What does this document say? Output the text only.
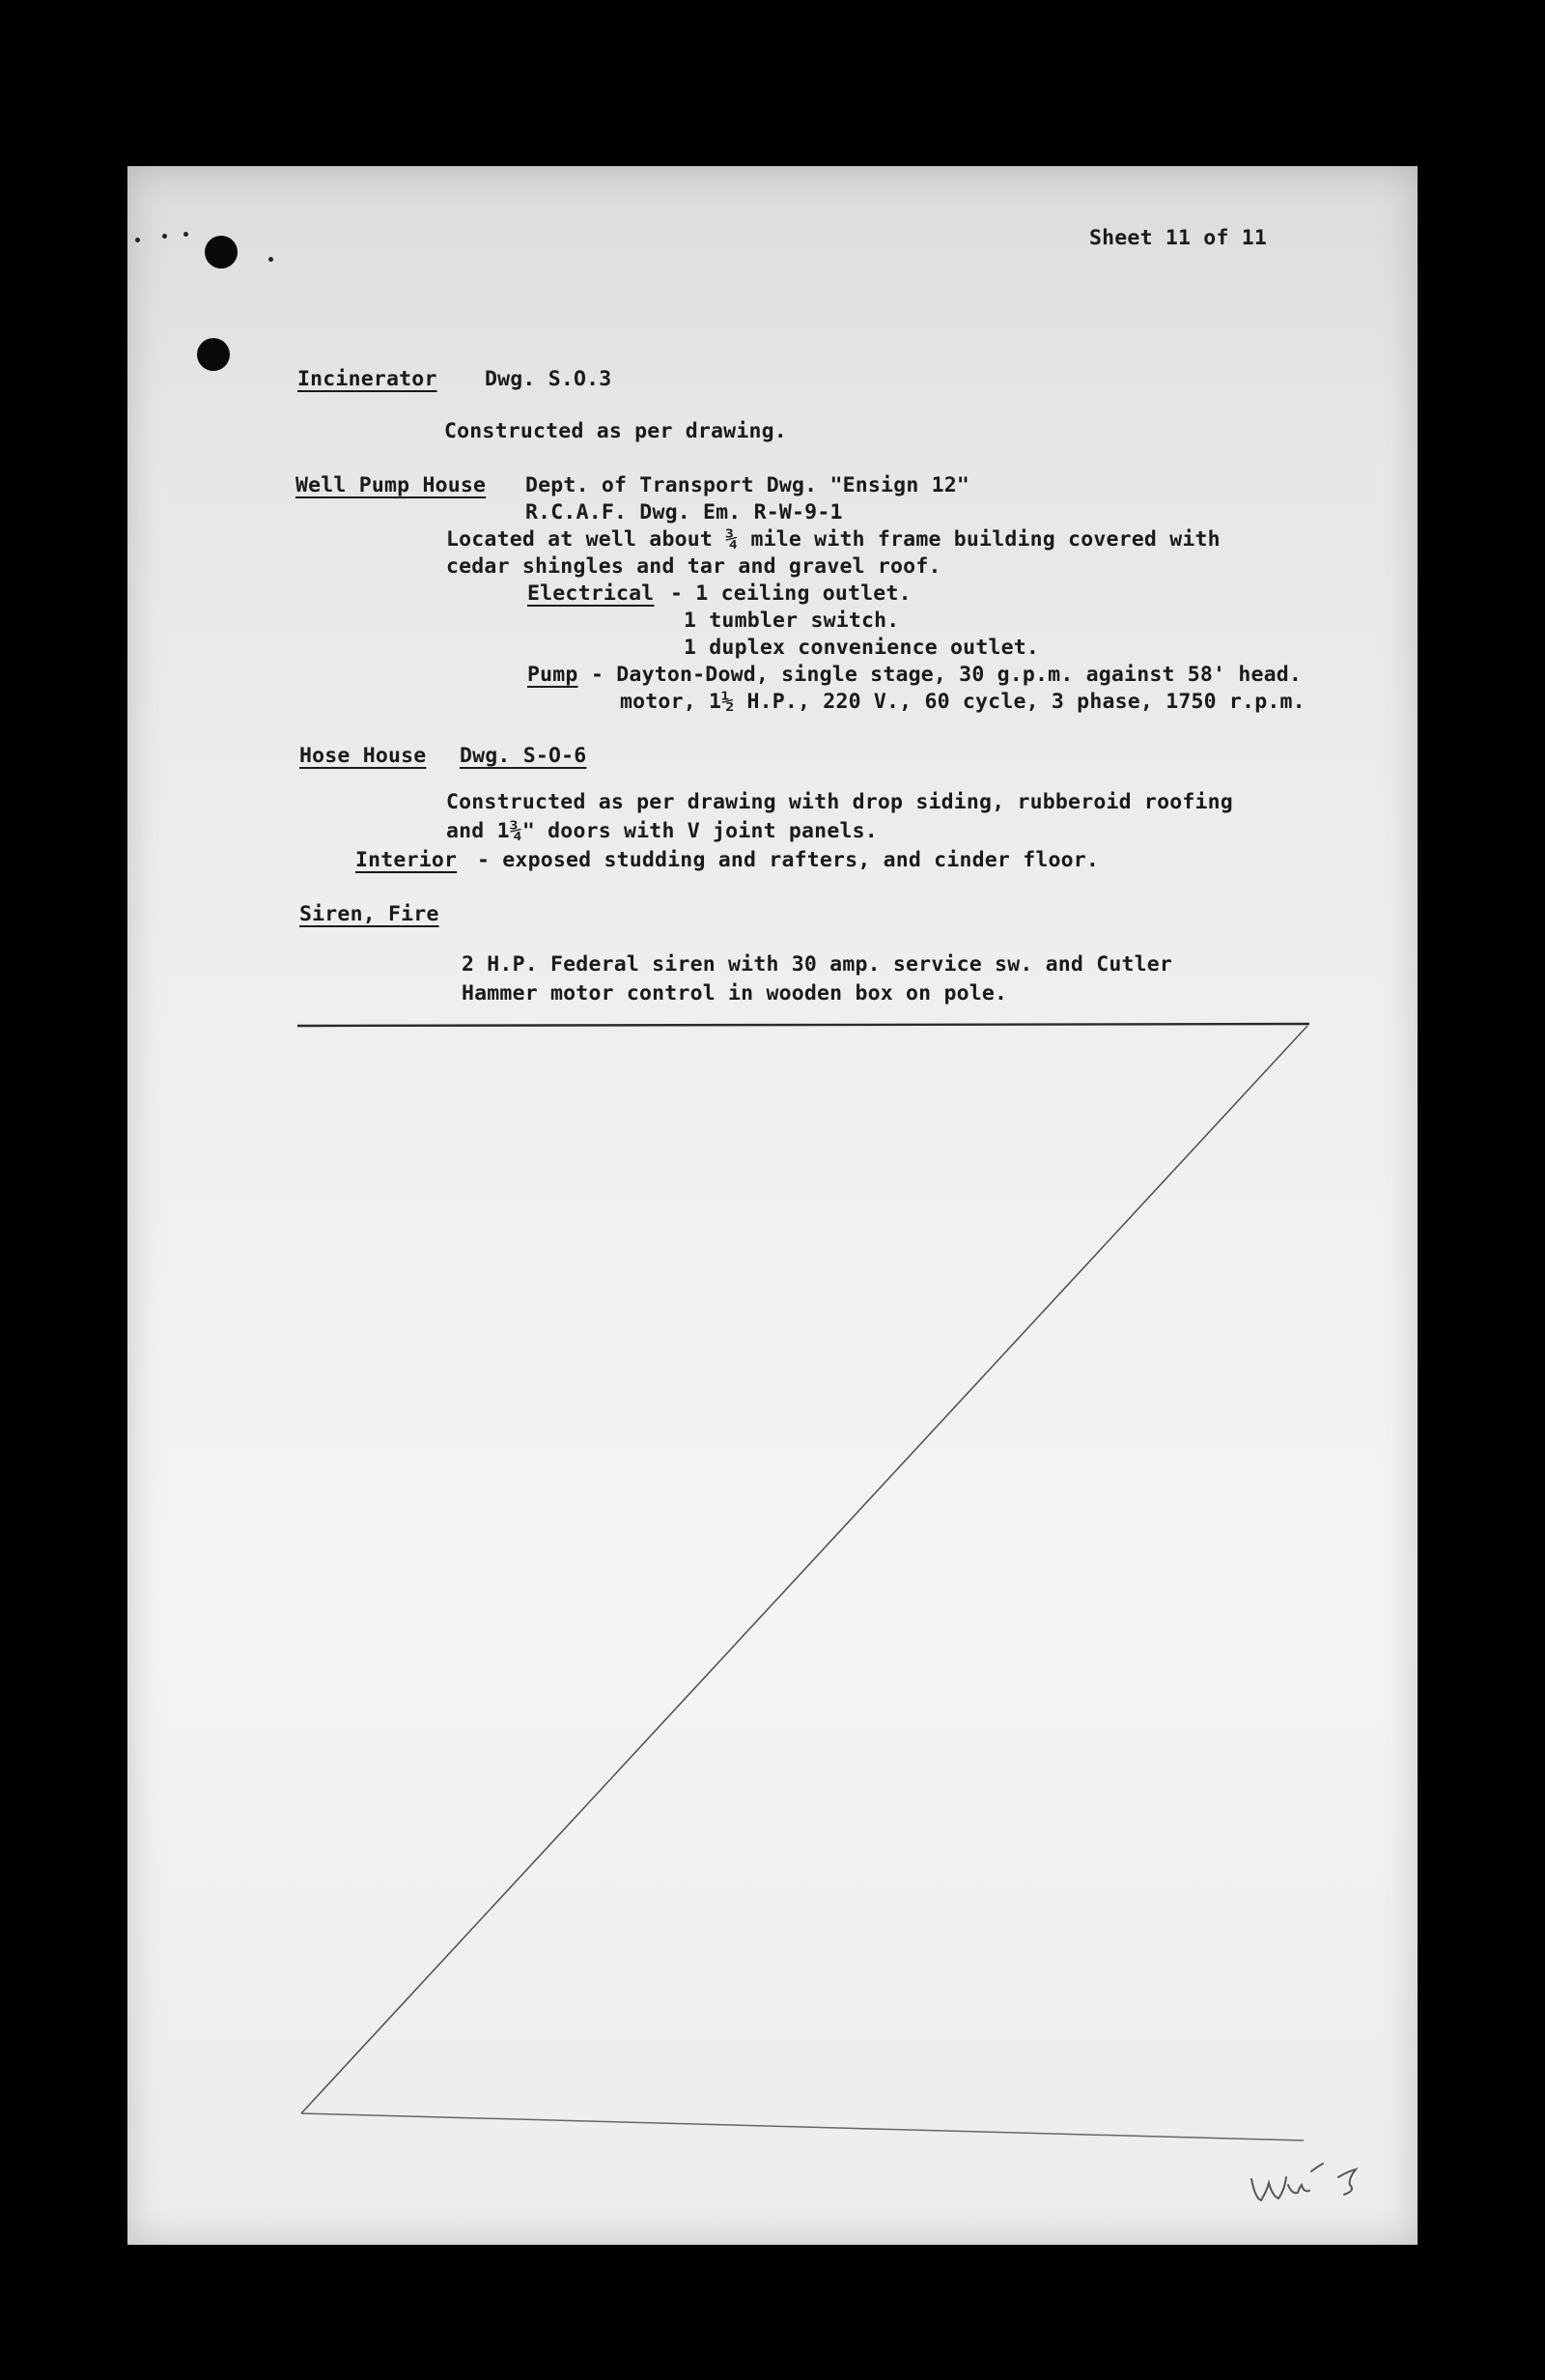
Sheet 11 of 11
Incinerator Dwg. S.O.3
Constructed as per drawing.
Well Pump House Dept. of Transport Dwg. "Ensign 12"
R.C.A.F. Dwg. Em. R-W-9-1
Located at well about ¾ mile with frame building covered with
cedar shingles and tar and gravel roof.
Electrical - 1 ceiling outlet.
1 tumbler switch.
1 duplex convenience outlet.
Pump - Dayton-Dowd, single stage, 30 g.p.m. against 58' head.
motor, 1½ H.P., 220 V., 60 cycle, 3 phase, 1750 r.p.m.
Hose House Dwg. S-O-6
Constructed as per drawing with drop siding, rubberoid roofing
and 1¾" doors with V joint panels.
Interior - exposed studding and rafters, and cinder floor.
Siren, Fire
2 H.P. Federal siren with 30 amp. service sw. and Cutler
Hammer motor control in wooden box on pole.
